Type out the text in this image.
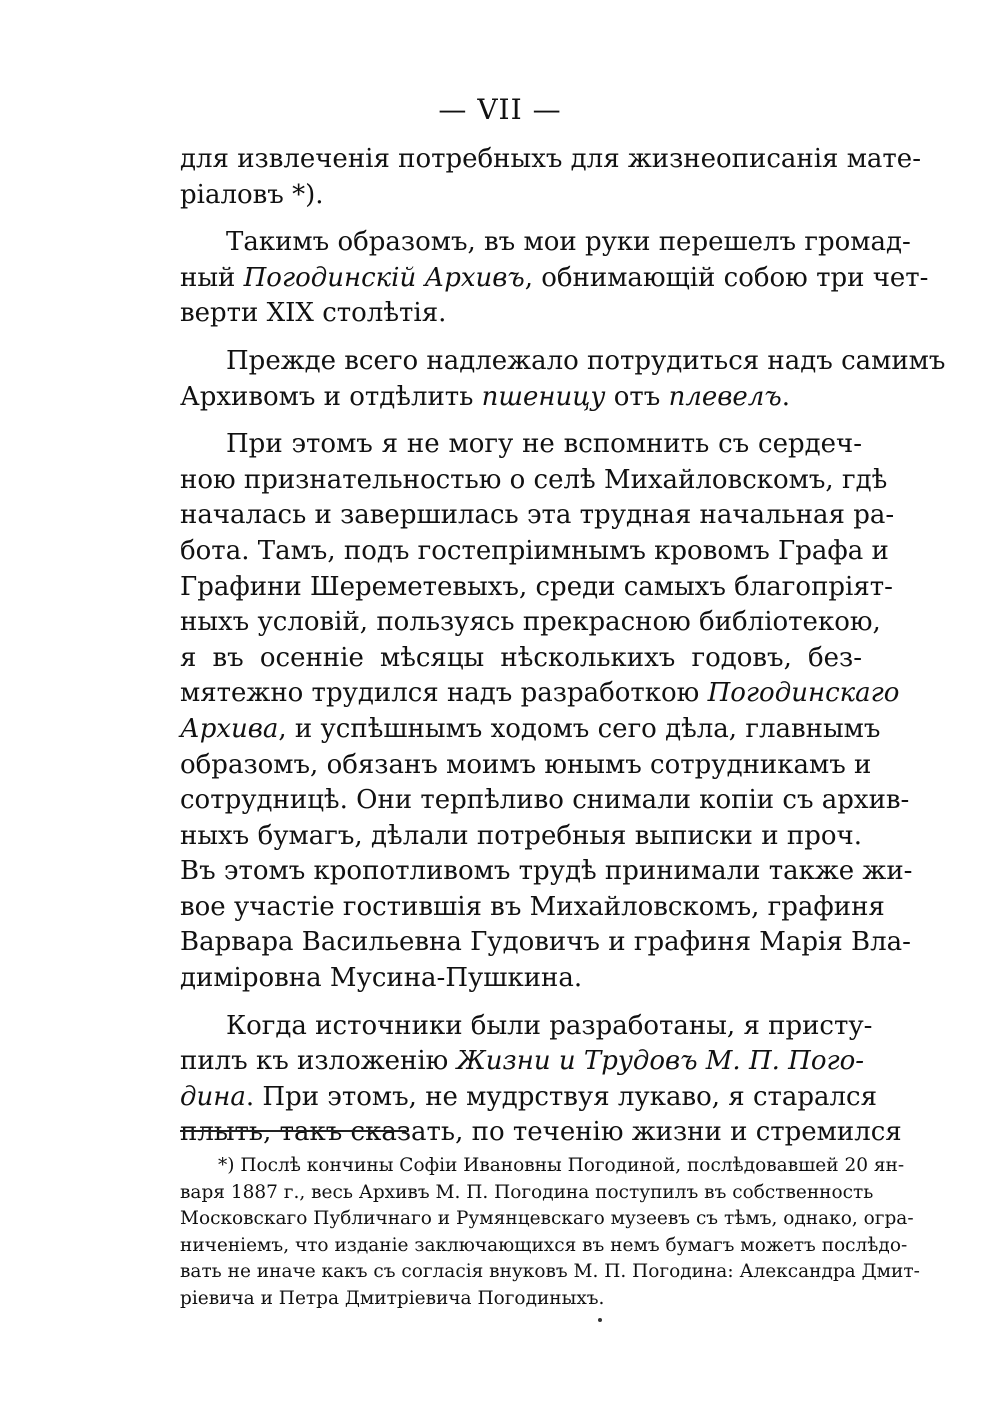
— VII —
для извлеченія потребныхъ для жизнеописанія мате-
ріаловъ *).
Такимъ образомъ, въ мои руки перешелъ громад-
ный Погодинскій Архивъ, обнимающій собою три чет-
верти XIX столѣтія.
Прежде всего надлежало потрудиться надъ самимъ
Архивомъ и отдѣлить пшеницу отъ плевелъ.
При этомъ я не могу не вспомнить съ сердеч-
ною признательностью о селѣ Михайловскомъ, гдѣ
началась и завершилась эта трудная начальная ра-
бота. Тамъ, подъ гостепріимнымъ кровомъ Графа и
Графини Шереметевыхъ, среди самыхъ благопріят-
ныхъ условій, пользуясь прекрасною библіотекою,
я въ осенніе мѣсяцы нѣсколькихъ годовъ, без-
мятежно трудился надъ разработкою Погодинскаго
Архива, и успѣшнымъ ходомъ сего дѣла, главнымъ
образомъ, обязанъ моимъ юнымъ сотрудникамъ и
сотрудницѣ. Они терпѣливо снимали копіи съ архив-
ныхъ бумагъ, дѣлали потребныя выписки и проч.
Въ этомъ кропотливомъ трудѣ принимали также жи-
вое участіе гостившія въ Михайловскомъ, графиня
Варвара Васильевна Гудовичъ и графиня Марія Вла-
диміровна Мусина-Пушкина.
Когда источники были разработаны, я присту-
пилъ къ изложенію Жизни и Трудовъ М. П. Пого-
дина. При этомъ, не мудрствуя лукаво, я старался
плыть, такъ сказать, по теченію жизни и стремился
*) Послѣ кончины Софіи Ивановны Погодиной, послѣдовавшей 20 ян-
варя 1887 г., весь Архивъ М. П. Погодина поступилъ въ собственность
Московскаго Публичнаго и Румянцевскаго музеевъ съ тѣмъ, однако, огра-
ниченіемъ, что изданіе заключающихся въ немъ бумагъ можетъ послѣдо-
вать не иначе какъ съ согласія внуковъ М. П. Погодина: Александра Дмит-
ріевича и Петра Дмитріевича Погодиныхъ.
